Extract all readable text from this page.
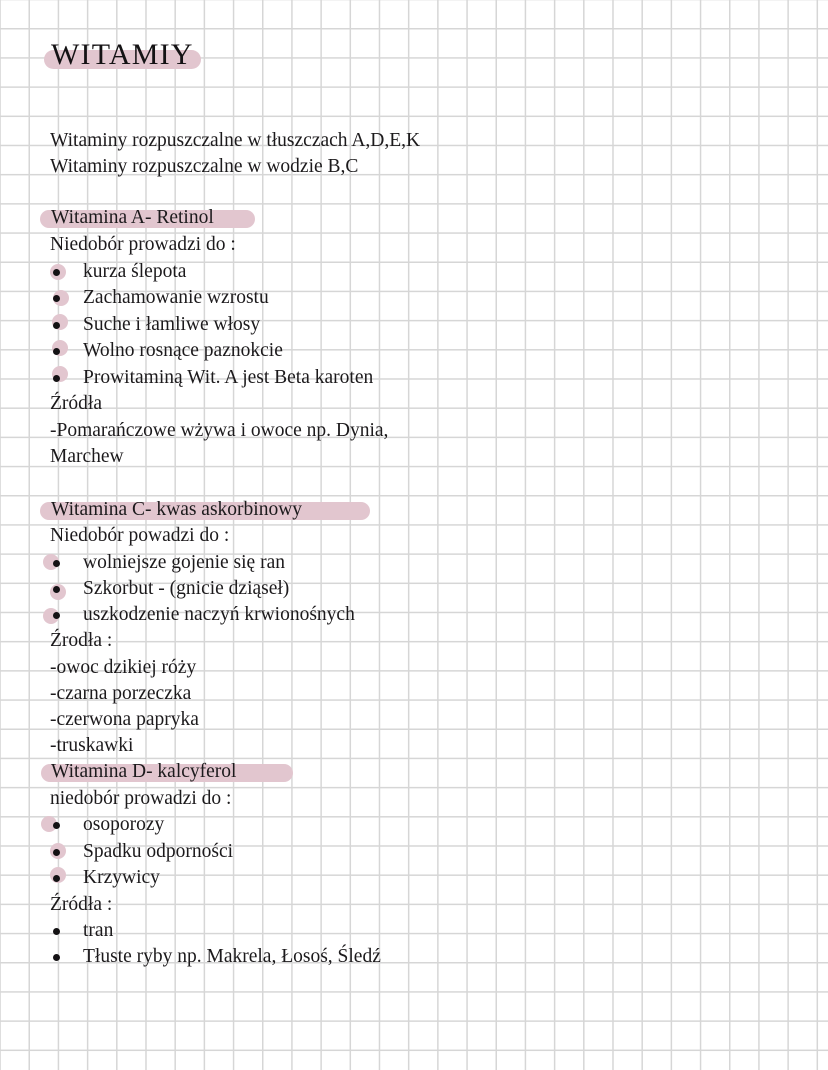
WITAMIY
Witaminy rozpuszczalne w tłuszczach A,D,E,K
Witaminy rozpuszczalne w wodzie B,C
Witamina A- Retinol
Niedobór prowadzi do :
kurza ślepota
Zachamowanie wzrostu
Suche i łamliwe włosy
Wolno rosnące paznokcie
Prowitaminą Wit. A jest Beta karoten
Źródła
-Pomarańczowe wżywa i owoce np. Dynia,
Marchew
Witamina C- kwas askorbinowy
Niedobór powadzi do :
wolniejsze gojenie się ran
Szkorbut - (gnicie dziąseł)
uszkodzenie naczyń krwionośnych
Źrodła :
-owoc dzikiej róży
-czarna porzeczka
-czerwona papryka
-truskawki
Witamina D- kalcyferol
niedobór prowadzi do :
osoporozy
Spadku odporności
Krzywicy
Źródła :
tran
Tłuste ryby np. Makrela, Łosoś, Śledź
